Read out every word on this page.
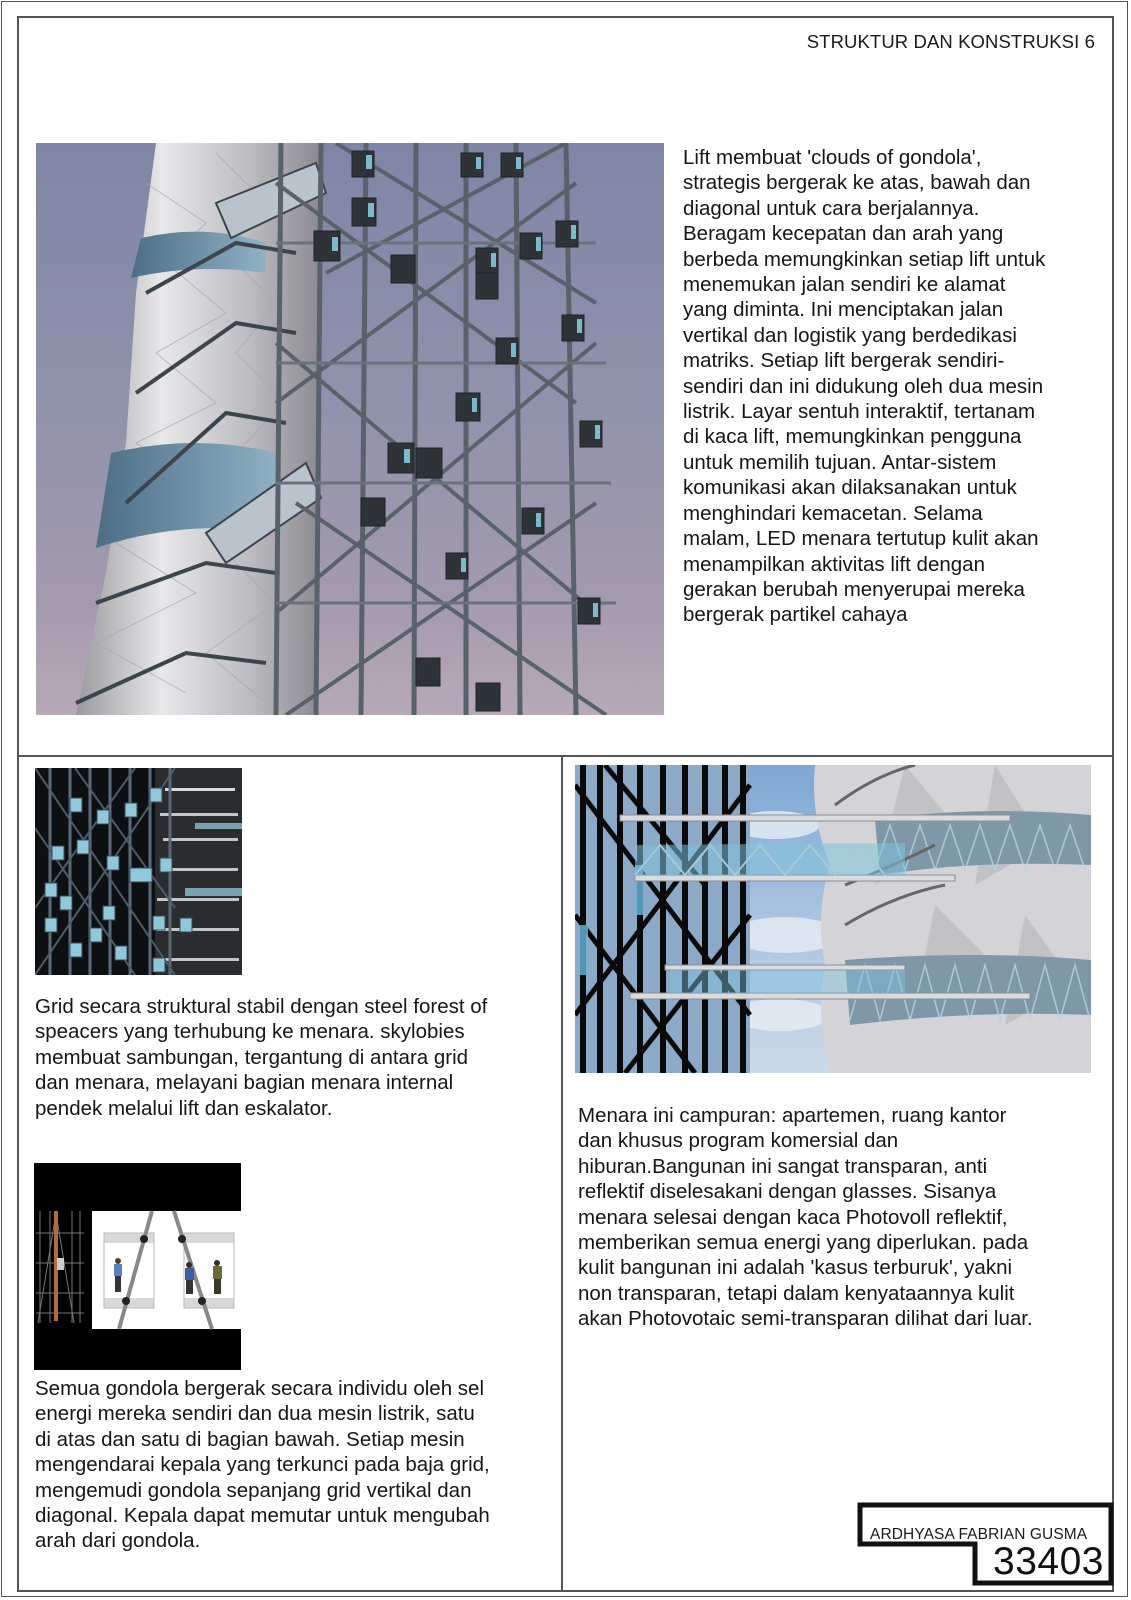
STRUKTUR DAN KONSTRUKSI 6
Lift membuat 'clouds of gondola',
strategis bergerak ke atas, bawah dan
diagonal untuk cara berjalannya.
Beragam kecepatan dan arah yang
berbeda memungkinkan setiap lift untuk
menemukan jalan sendiri ke alamat
yang diminta. Ini menciptakan jalan
vertikal dan logistik yang berdedikasi
matriks. Setiap lift bergerak sendiri-
sendiri dan ini didukung oleh dua mesin
listrik. Layar sentuh interaktif, tertanam
di kaca lift, memungkinkan pengguna
untuk memilih tujuan. Antar-sistem
komunikasi akan dilaksanakan untuk
menghindari kemacetan. Selama
malam, LED menara tertutup kulit akan
menampilkan aktivitas lift dengan
gerakan berubah menyerupai mereka
bergerak partikel cahaya
Grid secara struktural stabil dengan steel forest of
speacers yang terhubung ke menara. skylobies
membuat sambungan, tergantung di antara grid
dan menara, melayani bagian menara internal
pendek melalui lift dan eskalator.
Semua gondola bergerak secara individu oleh sel
energi mereka sendiri dan dua mesin listrik, satu
di atas dan satu di bagian bawah. Setiap mesin
mengendarai kepala yang terkunci pada baja grid,
mengemudi gondola sepanjang grid vertikal dan
diagonal. Kepala dapat memutar untuk mengubah
arah dari gondola.
Menara ini campuran: apartemen, ruang kantor
dan khusus program komersial dan
hiburan.Bangunan ini sangat transparan, anti
reflektif diselesakani dengan glasses. Sisanya
menara selesai dengan kaca Photovoll reflektif,
memberikan semua energi yang diperlukan. pada
kulit bangunan ini adalah 'kasus terburuk', yakni
non transparan, tetapi dalam kenyataannya kulit
akan Photovotaic semi-transparan dilihat dari luar.
ARDHYASA FABRIAN GUSMA
33403
